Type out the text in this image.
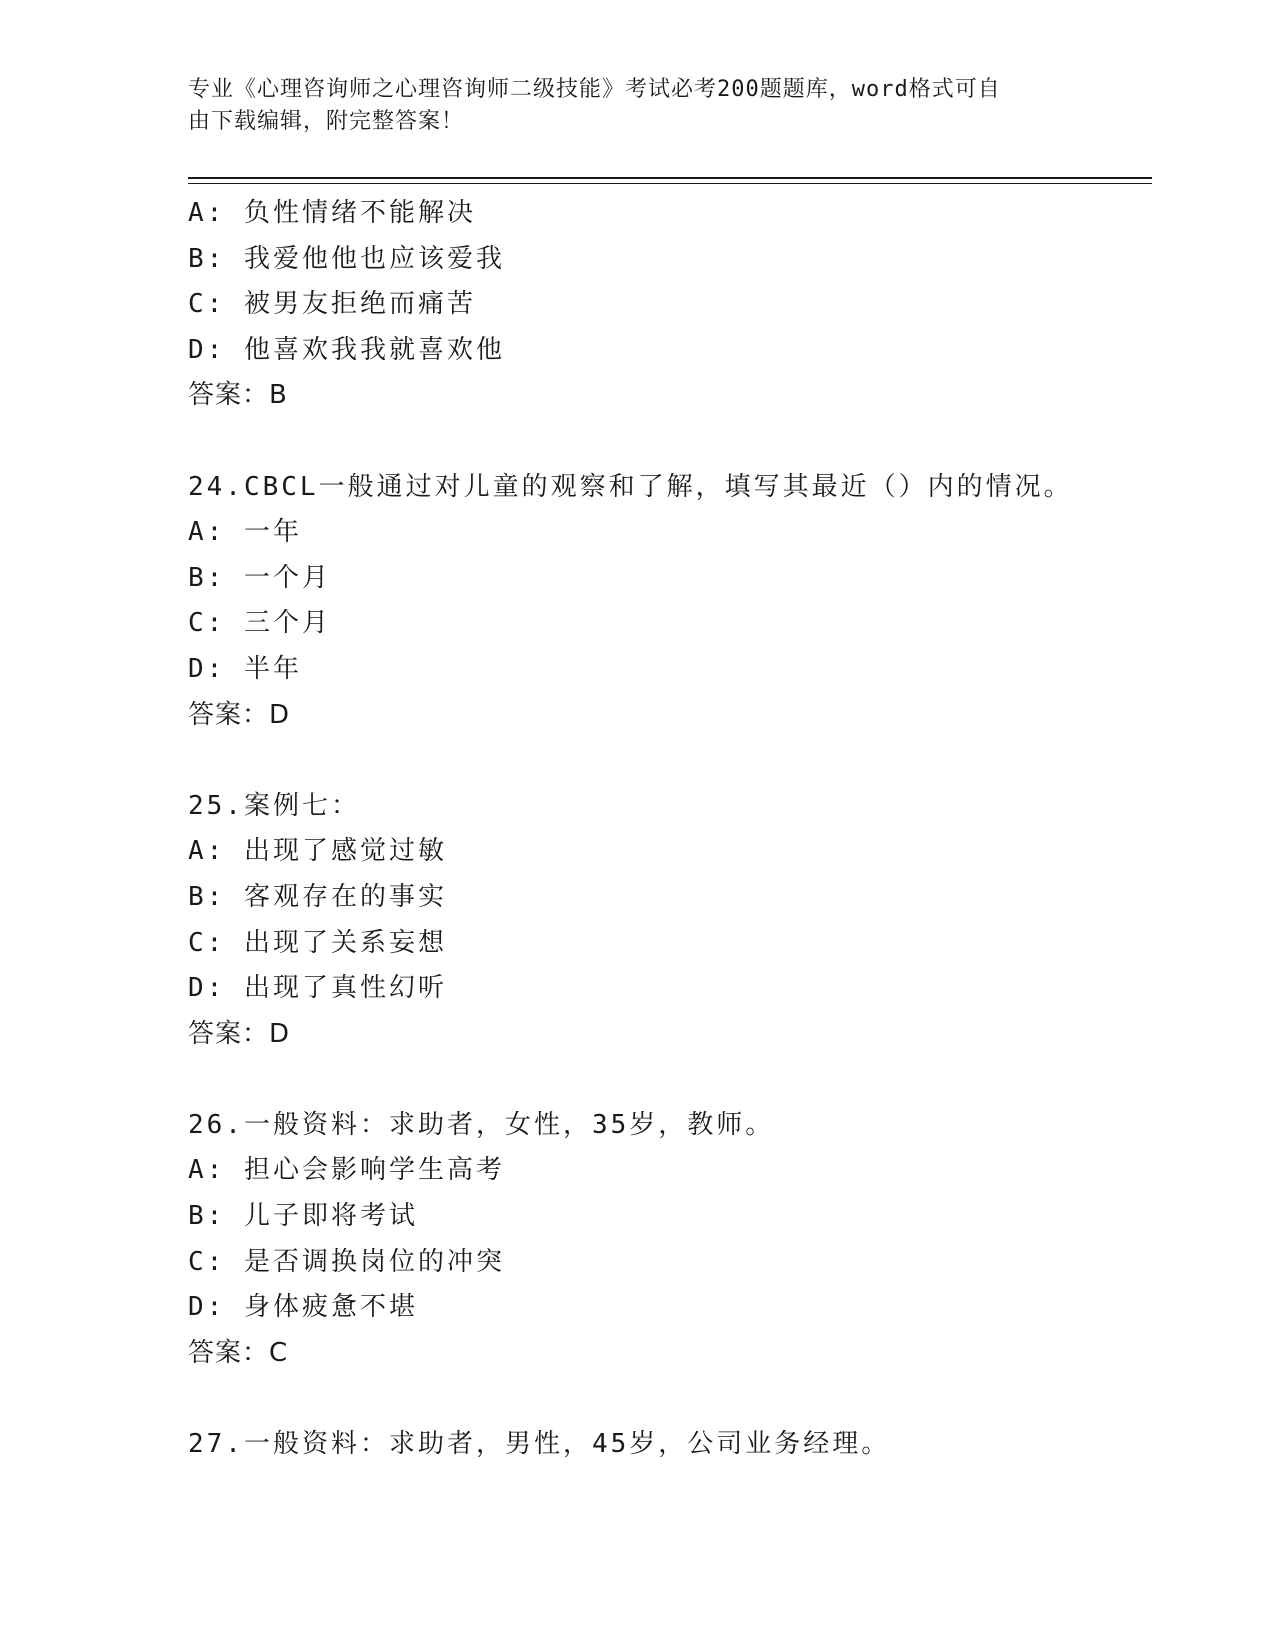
专业《心理咨询师之心理咨询师二级技能》考试必考200题题库，word格式可自
由下载编辑，附完整答案！
A: 负性情绪不能解决
B: 我爱他他也应该爱我
C: 被男友拒绝而痛苦
D: 他喜欢我我就喜欢他
答案：B
24.CBCL一般通过对儿童的观察和了解，填写其最近（）内的情况。
A: 一年
B: 一个月
C: 三个月
D: 半年
答案：D
25.案例七：
A: 出现了感觉过敏
B: 客观存在的事实
C: 出现了关系妄想
D: 出现了真性幻听
答案：D
26.一般资料：求助者，女性，35岁，教师。
A: 担心会影响学生高考
B: 儿子即将考试
C: 是否调换岗位的冲突
D: 身体疲惫不堪
答案：C
27.一般资料：求助者，男性，45岁，公司业务经理。
